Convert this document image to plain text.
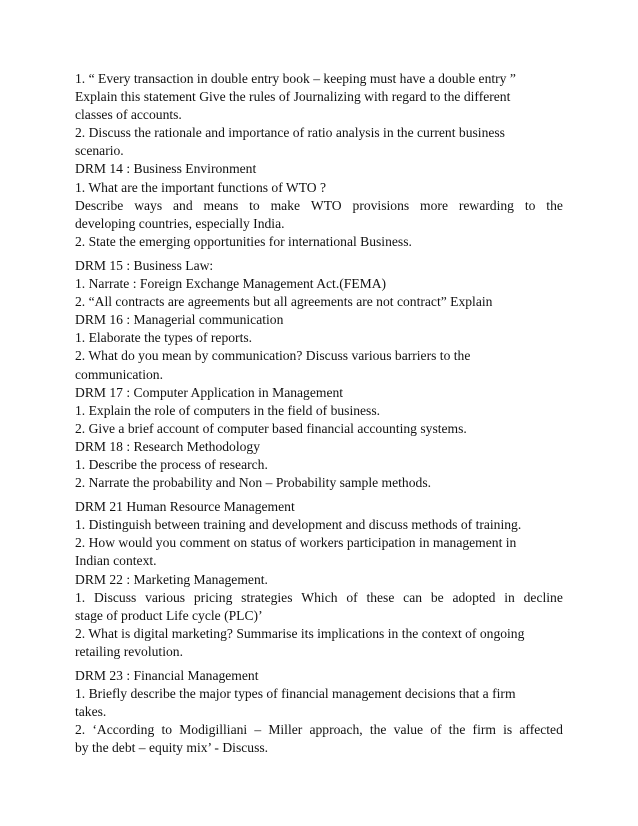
1. “ Every transaction in double entry book – keeping must have a double entry ”
Explain this statement Give the rules of Journalizing with regard to the different
classes of accounts.
2. Discuss the rationale and importance of ratio analysis in the current business
scenario.
DRM 14 : Business Environment
1. What are the important functions of WTO ?
Describe ways and means to make WTO provisions more rewarding to the
developing countries, especially India.
2. State the emerging opportunities for international Business.
DRM 15 : Business Law:
1. Narrate : Foreign Exchange Management Act.(FEMA)
2. “All contracts are agreements but all agreements are not contract” Explain
DRM 16 : Managerial communication
1. Elaborate the types of reports.
2. What do you mean by communication? Discuss various barriers to the
communication.
DRM 17 : Computer Application in Management
1. Explain the role of computers in the field of business.
2. Give a brief account of computer based financial accounting systems.
DRM 18 : Research Methodology
1. Describe the process of research.
2. Narrate the probability and Non – Probability sample methods.
DRM 21 Human Resource Management
1. Distinguish between training and development and discuss methods of training.
2. How would you comment on status of workers participation in management in
Indian context.
DRM 22 : Marketing Management.
1. Discuss various pricing strategies Which of these can be adopted in decline
stage of product Life cycle (PLC)’
2. What is digital marketing? Summarise its implications in the context of ongoing
retailing revolution.
DRM 23 : Financial Management
1. Briefly describe the major types of financial management decisions that a firm
takes.
2. ‘According to Modigilliani – Miller approach, the value of the firm is affected
by the debt – equity mix’ - Discuss.
